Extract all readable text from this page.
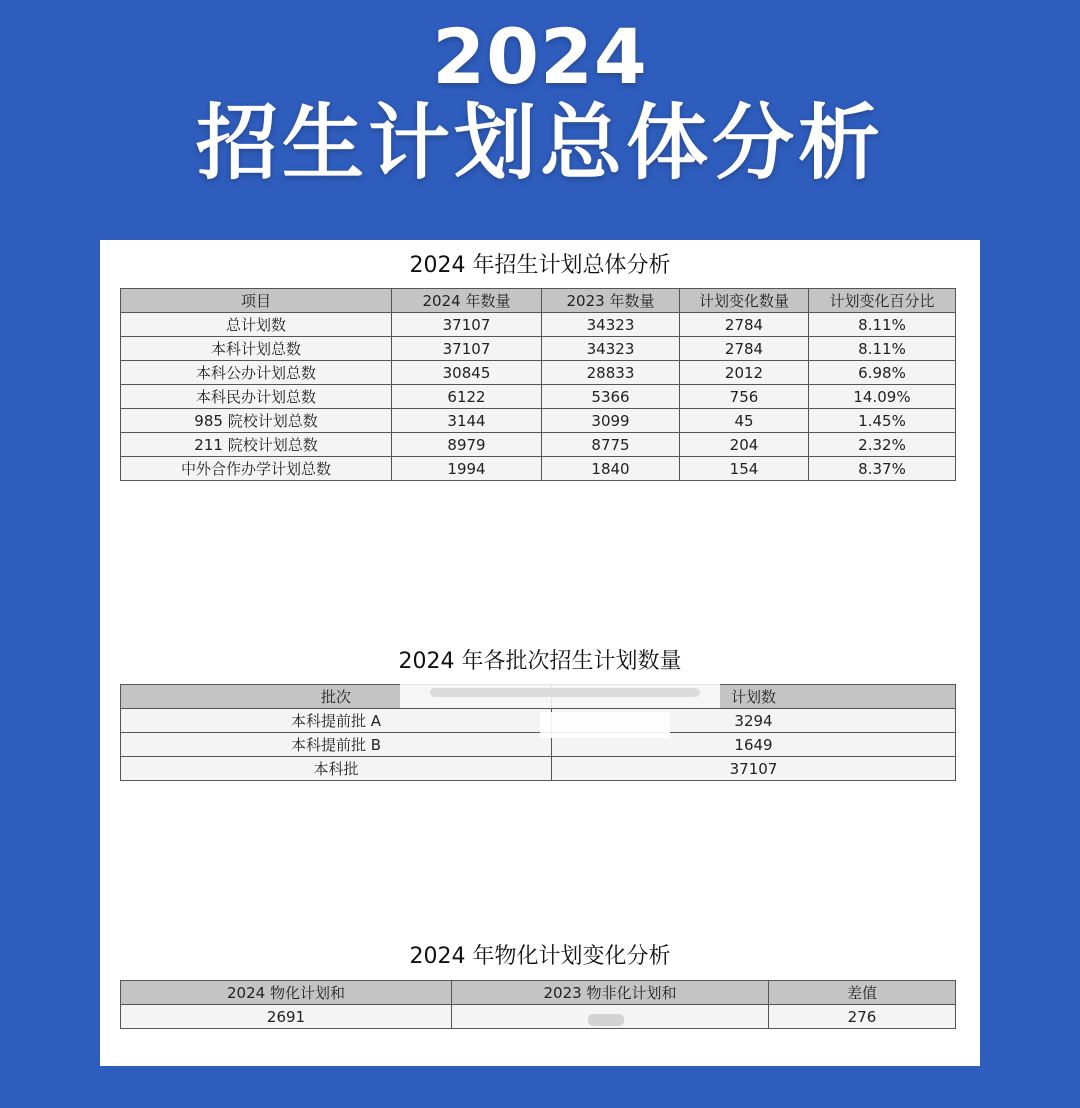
2024
招生计划总体分析
2024 年招生计划总体分析
项目	2024 年数量	2023 年数量	计划变化数量	计划变化百分比
总计划数	37107	34323	2784	8.11%
本科计划总数	37107	34323	2784	8.11%
本科公办计划总数	30845	28833	2012	6.98%
本科民办计划总数	6122	5366	756	14.09%
985 院校计划总数	3144	3099	45	1.45%
211 院校计划总数	8979	8775	204	2.32%
中外合作办学计划总数	1994	1840	154	8.37%
2024 年各批次招生计划数量
批次	计划数
本科提前批 A	3294
本科提前批 B	1649
本科批	37107
2024 年物化计划变化分析
2024 物化计划和	2023 物非化计划和	差值
2691		276
